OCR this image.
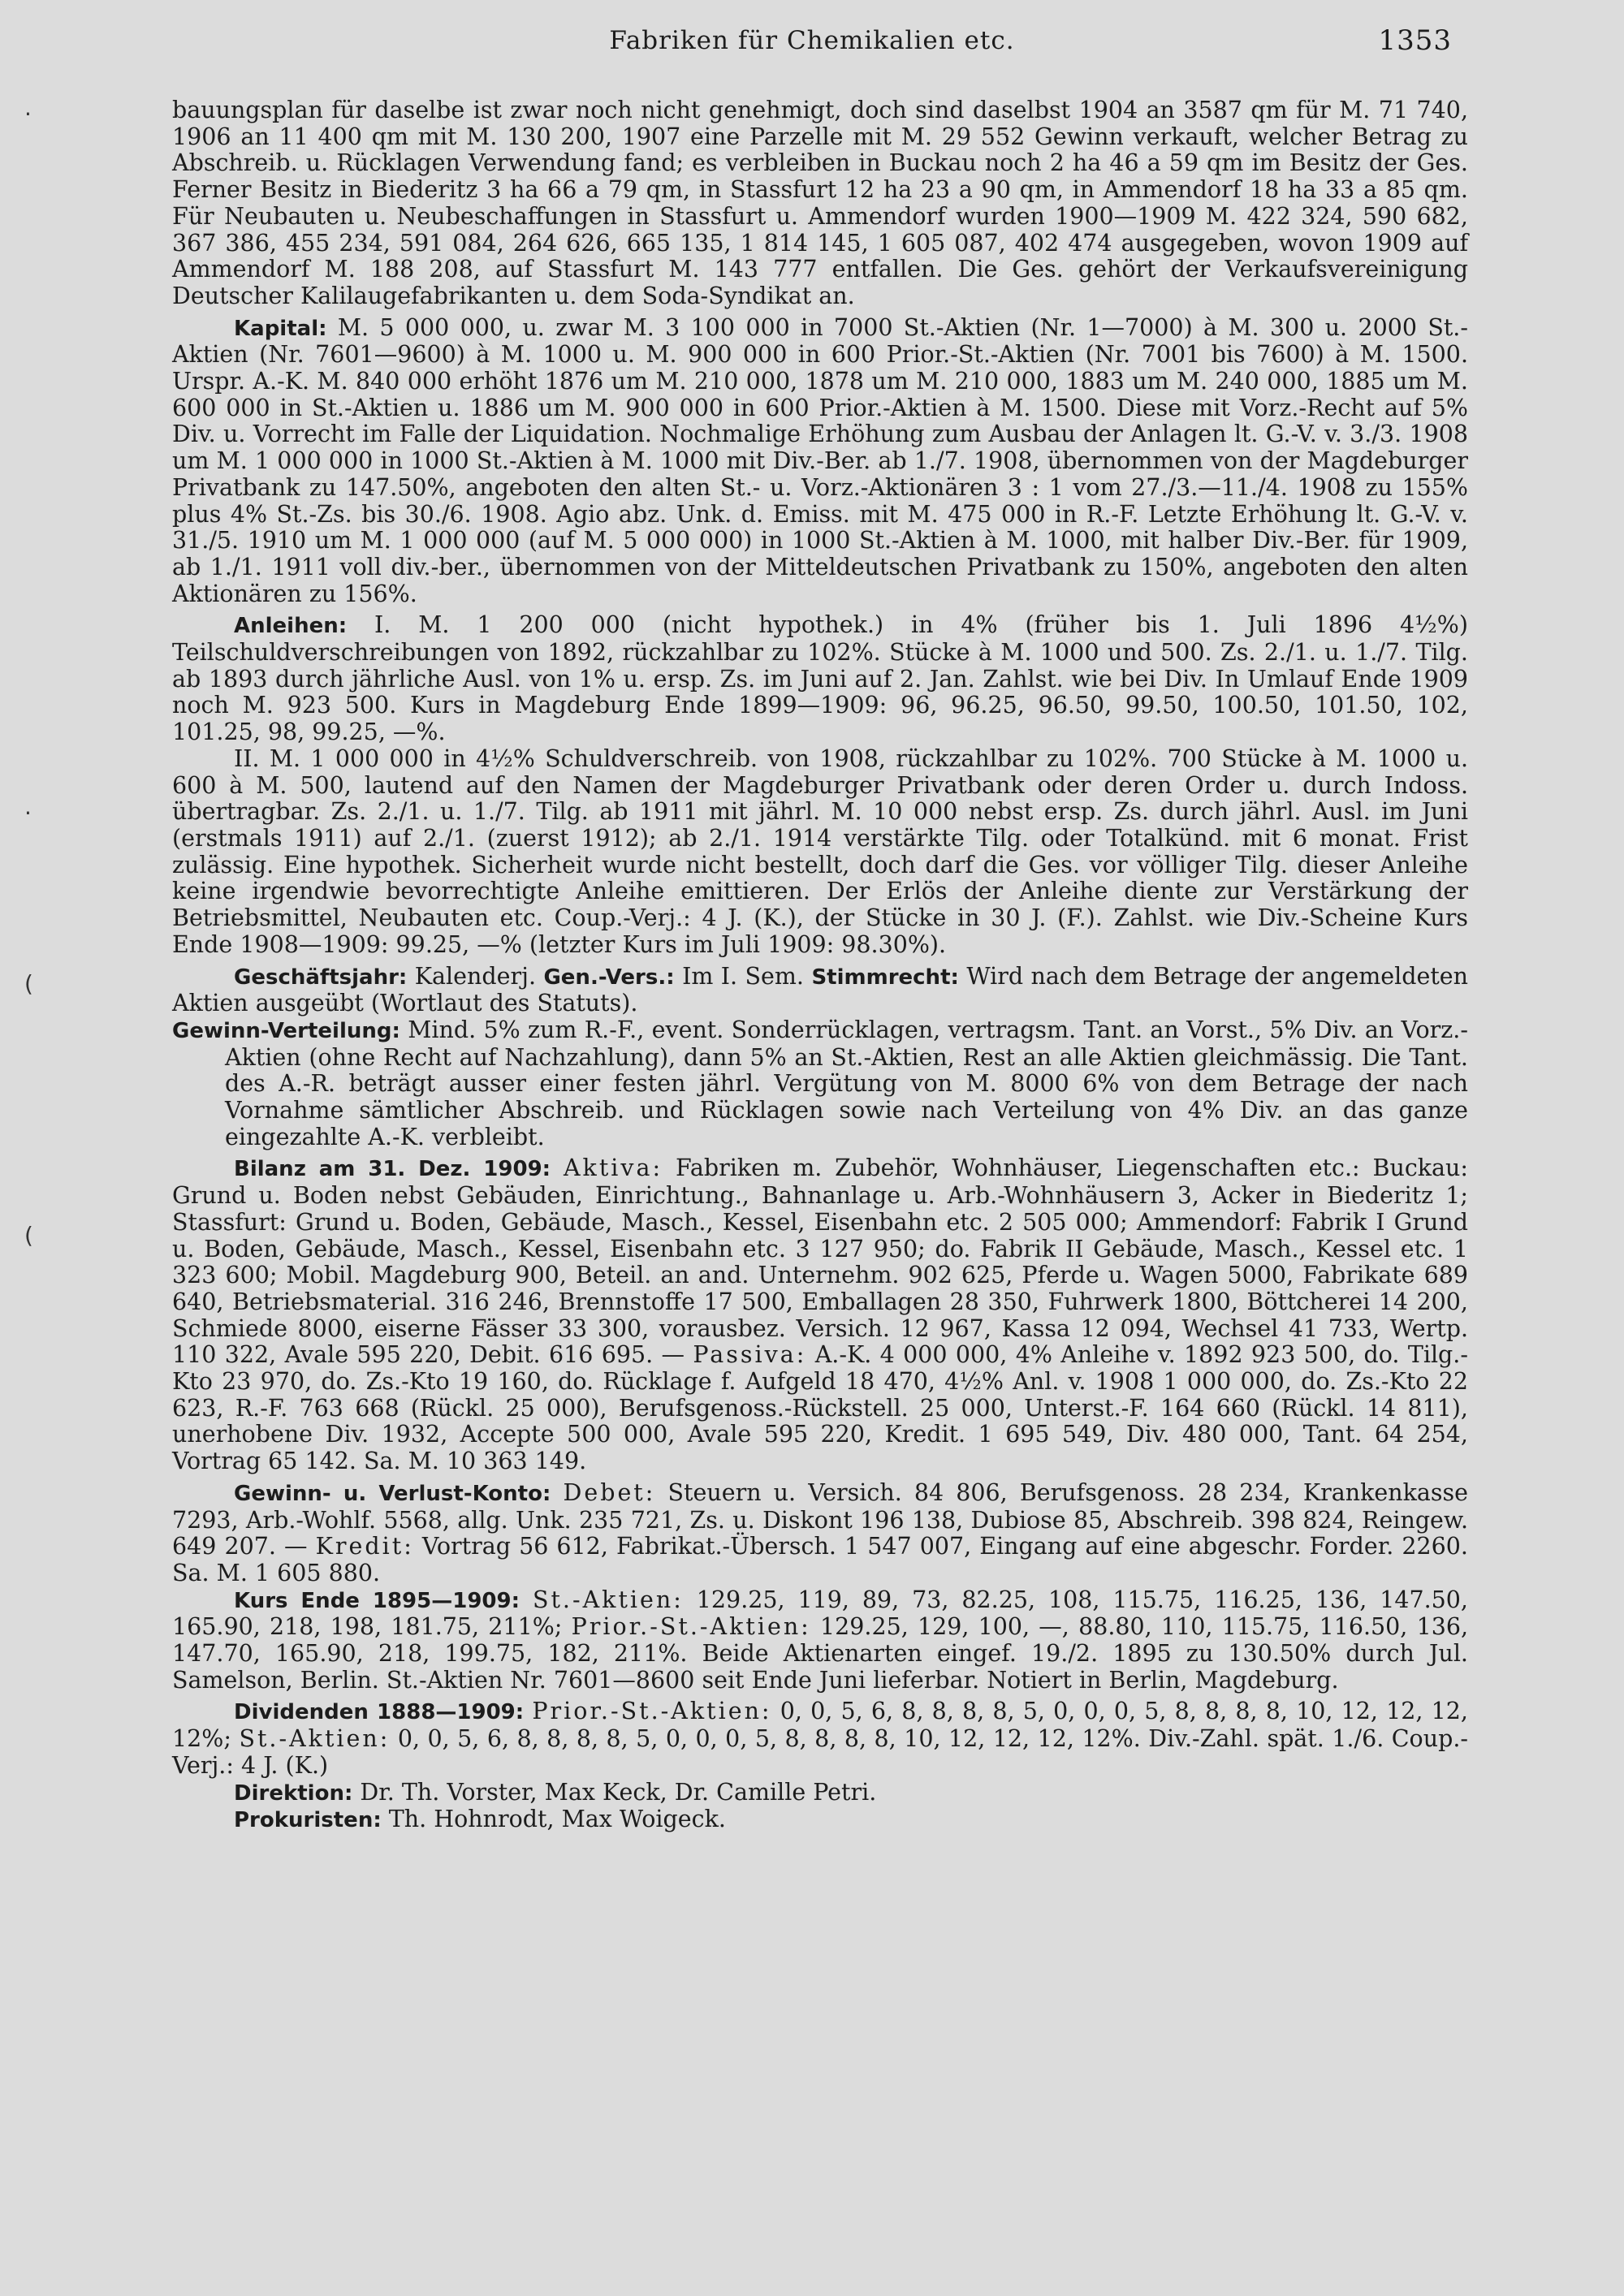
Fabriken für Chemikalien etc.	1353
·
·
(
(

bauungsplan für daselbe ist zwar noch nicht genehmigt, doch sind daselbst 1904 an 3587 qm für M. 71 740, 1906 an 11 400 qm mit M. 130 200, 1907 eine Parzelle mit M. 29 552 Gewinn verkauft, welcher Betrag zu Abschreib. u. Rücklagen Verwendung fand; es verbleiben in Buckau noch 2 ha 46 a 59 qm im Besitz der Ges. Ferner Besitz in Biederitz 3 ha 66 a 79 qm, in Stassfurt 12 ha 23 a 90 qm, in Ammendorf 18 ha 33 a 85 qm. Für Neubauten u. Neubeschaffungen in Stassfurt u. Ammendorf wurden 1900—1909 M. 422 324, 590 682, 367 386, 455 234, 591 084, 264 626, 665 135, 1 814 145, 1 605 087, 402 474 ausgegeben, wovon 1909 auf Ammendorf M. 188 208, auf Stassfurt M. 143 777 entfallen. Die Ges. gehört der Verkaufsvereinigung Deutscher Kalilaugefabrikanten u. dem Soda-Syndikat an.

Kapital: M. 5 000 000, u. zwar M. 3 100 000 in 7000 St.-Aktien (Nr. 1—7000) à M. 300 u. 2000 St.-Aktien (Nr. 7601—9600) à M. 1000 u. M. 900 000 in 600 Prior.-St.-Aktien (Nr. 7001 bis 7600) à M. 1500. Urspr. A.-K. M. 840 000 erhöht 1876 um M. 210 000, 1878 um M. 210 000, 1883 um M. 240 000, 1885 um M. 600 000 in St.-Aktien u. 1886 um M. 900 000 in 600 Prior.-Aktien à M. 1500. Diese mit Vorz.-Recht auf 5% Div. u. Vorrecht im Falle der Liquidation. Nochmalige Erhöhung zum Ausbau der Anlagen lt. G.-V. v. 3./3. 1908 um M. 1 000 000 in 1000 St.-Aktien à M. 1000 mit Div.-Ber. ab 1./7. 1908, übernommen von der Magdeburger Privatbank zu 147.50%, angeboten den alten St.- u. Vorz.-Aktionären 3 : 1 vom 27./3.—11./4. 1908 zu 155% plus 4% St.-Zs. bis 30./6. 1908. Agio abz. Unk. d. Emiss. mit M. 475 000 in R.-F. Letzte Erhöhung lt. G.-V. v. 31./5. 1910 um M. 1 000 000 (auf M. 5 000 000) in 1000 St.-Aktien à M. 1000, mit halber Div.-Ber. für 1909, ab 1./1. 1911 voll div.-ber., übernommen von der Mitteldeutschen Privatbank zu 150%, angeboten den alten Aktionären zu 156%.

Anleihen: I. M. 1 200 000 (nicht hypothek.) in 4% (früher bis 1. Juli 1896 4½%) Teilschuldverschreibungen von 1892, rückzahlbar zu 102%. Stücke à M. 1000 und 500. Zs. 2./1. u. 1./7. Tilg. ab 1893 durch jährliche Ausl. von 1% u. ersp. Zs. im Juni auf 2. Jan. Zahlst. wie bei Div. In Umlauf Ende 1909 noch M. 923 500. Kurs in Magdeburg Ende 1899—1909: 96, 96.25, 96.50, 99.50, 100.50, 101.50, 102, 101.25, 98, 99.25, —%.

II. M. 1 000 000 in 4½% Schuldverschreib. von 1908, rückzahlbar zu 102%. 700 Stücke à M. 1000 u. 600 à M. 500, lautend auf den Namen der Magdeburger Privatbank oder deren Order u. durch Indoss. übertragbar. Zs. 2./1. u. 1./7. Tilg. ab 1911 mit jährl. M. 10 000 nebst ersp. Zs. durch jährl. Ausl. im Juni (erstmals 1911) auf 2./1. (zuerst 1912); ab 2./1. 1914 verstärkte Tilg. oder Totalkünd. mit 6 monat. Frist zulässig. Eine hypothek. Sicherheit wurde nicht bestellt, doch darf die Ges. vor völliger Tilg. dieser Anleihe keine irgendwie bevorrechtigte Anleihe emittieren. Der Erlös der Anleihe diente zur Verstärkung der Betriebsmittel, Neubauten etc. Coup.-Verj.: 4 J. (K.), der Stücke in 30 J. (F.). Zahlst. wie Div.-Scheine Kurs Ende 1908—1909: 99.25, —% (letzter Kurs im Juli 1909: 98.30%).

Geschäftsjahr: Kalenderj. Gen.-Vers.: Im I. Sem. Stimmrecht: Wird nach dem Betrage der angemeldeten Aktien ausgeübt (Wortlaut des Statuts).

Gewinn-Verteilung: Mind. 5% zum R.-F., event. Sonderrücklagen, vertragsm. Tant. an Vorst., 5% Div. an Vorz.-Aktien (ohne Recht auf Nachzahlung), dann 5% an St.-Aktien, Rest an alle Aktien gleichmässig. Die Tant. des A.-R. beträgt ausser einer festen jährl. Vergütung von M. 8000 6% von dem Betrage der nach Vornahme sämtlicher Abschreib. und Rücklagen sowie nach Verteilung von 4% Div. an das ganze eingezahlte A.-K. verbleibt.

Bilanz am 31. Dez. 1909: Aktiva: Fabriken m. Zubehör, Wohnhäuser, Liegenschaften etc.: Buckau: Grund u. Boden nebst Gebäuden, Einrichtung., Bahnanlage u. Arb.-Wohnhäusern 3, Acker in Biederitz 1; Stassfurt: Grund u. Boden, Gebäude, Masch., Kessel, Eisenbahn etc. 2 505 000; Ammendorf: Fabrik I Grund u. Boden, Gebäude, Masch., Kessel, Eisenbahn etc. 3 127 950; do. Fabrik II Gebäude, Masch., Kessel etc. 1 323 600; Mobil. Magdeburg 900, Beteil. an and. Unternehm. 902 625, Pferde u. Wagen 5000, Fabrikate 689 640, Betriebsmaterial. 316 246, Brennstoffe 17 500, Emballagen 28 350, Fuhrwerk 1800, Böttcherei 14 200, Schmiede 8000, eiserne Fässer 33 300, vorausbez. Versich. 12 967, Kassa 12 094, Wechsel 41 733, Wertp. 110 322, Avale 595 220, Debit. 616 695. — Passiva: A.-K. 4 000 000, 4% Anleihe v. 1892 923 500, do. Tilg.-Kto 23 970, do. Zs.-Kto 19 160, do. Rücklage f. Aufgeld 18 470, 4½% Anl. v. 1908 1 000 000, do. Zs.-Kto 22 623, R.-F. 763 668 (Rückl. 25 000), Berufsgenoss.-Rückstell. 25 000, Unterst.-F. 164 660 (Rückl. 14 811), unerhobene Div. 1932, Accepte 500 000, Avale 595 220, Kredit. 1 695 549, Div. 480 000, Tant. 64 254, Vortrag 65 142. Sa. M. 10 363 149.

Gewinn- u. Verlust-Konto: Debet: Steuern u. Versich. 84 806, Berufsgenoss. 28 234, Krankenkasse 7293, Arb.-Wohlf. 5568, allg. Unk. 235 721, Zs. u. Diskont 196 138, Dubiose 85, Abschreib. 398 824, Reingew. 649 207. — Kredit: Vortrag 56 612, Fabrikat.-Übersch. 1 547 007, Eingang auf eine abgeschr. Forder. 2260. Sa. M. 1 605 880.

Kurs Ende 1895—1909: St.-Aktien: 129.25, 119, 89, 73, 82.25, 108, 115.75, 116.25, 136, 147.50, 165.90, 218, 198, 181.75, 211%; Prior.-St.-Aktien: 129.25, 129, 100, —, 88.80, 110, 115.75, 116.50, 136, 147.70, 165.90, 218, 199.75, 182, 211%. Beide Aktienarten eingef. 19./2. 1895 zu 130.50% durch Jul. Samelson, Berlin. St.-Aktien Nr. 7601—8600 seit Ende Juni lieferbar. Notiert in Berlin, Magdeburg.

Dividenden 1888—1909: Prior.-St.-Aktien: 0, 0, 5, 6, 8, 8, 8, 8, 5, 0, 0, 0, 5, 8, 8, 8, 8, 10, 12, 12, 12, 12%; St.-Aktien: 0, 0, 5, 6, 8, 8, 8, 8, 5, 0, 0, 0, 5, 8, 8, 8, 8, 10, 12, 12, 12, 12%. Div.-Zahl. spät. 1./6. Coup.-Verj.: 4 J. (K.)

Direktion: Dr. Th. Vorster, Max Keck, Dr. Camille Petri.

Prokuristen: Th. Hohnrodt, Max Woigeck.
